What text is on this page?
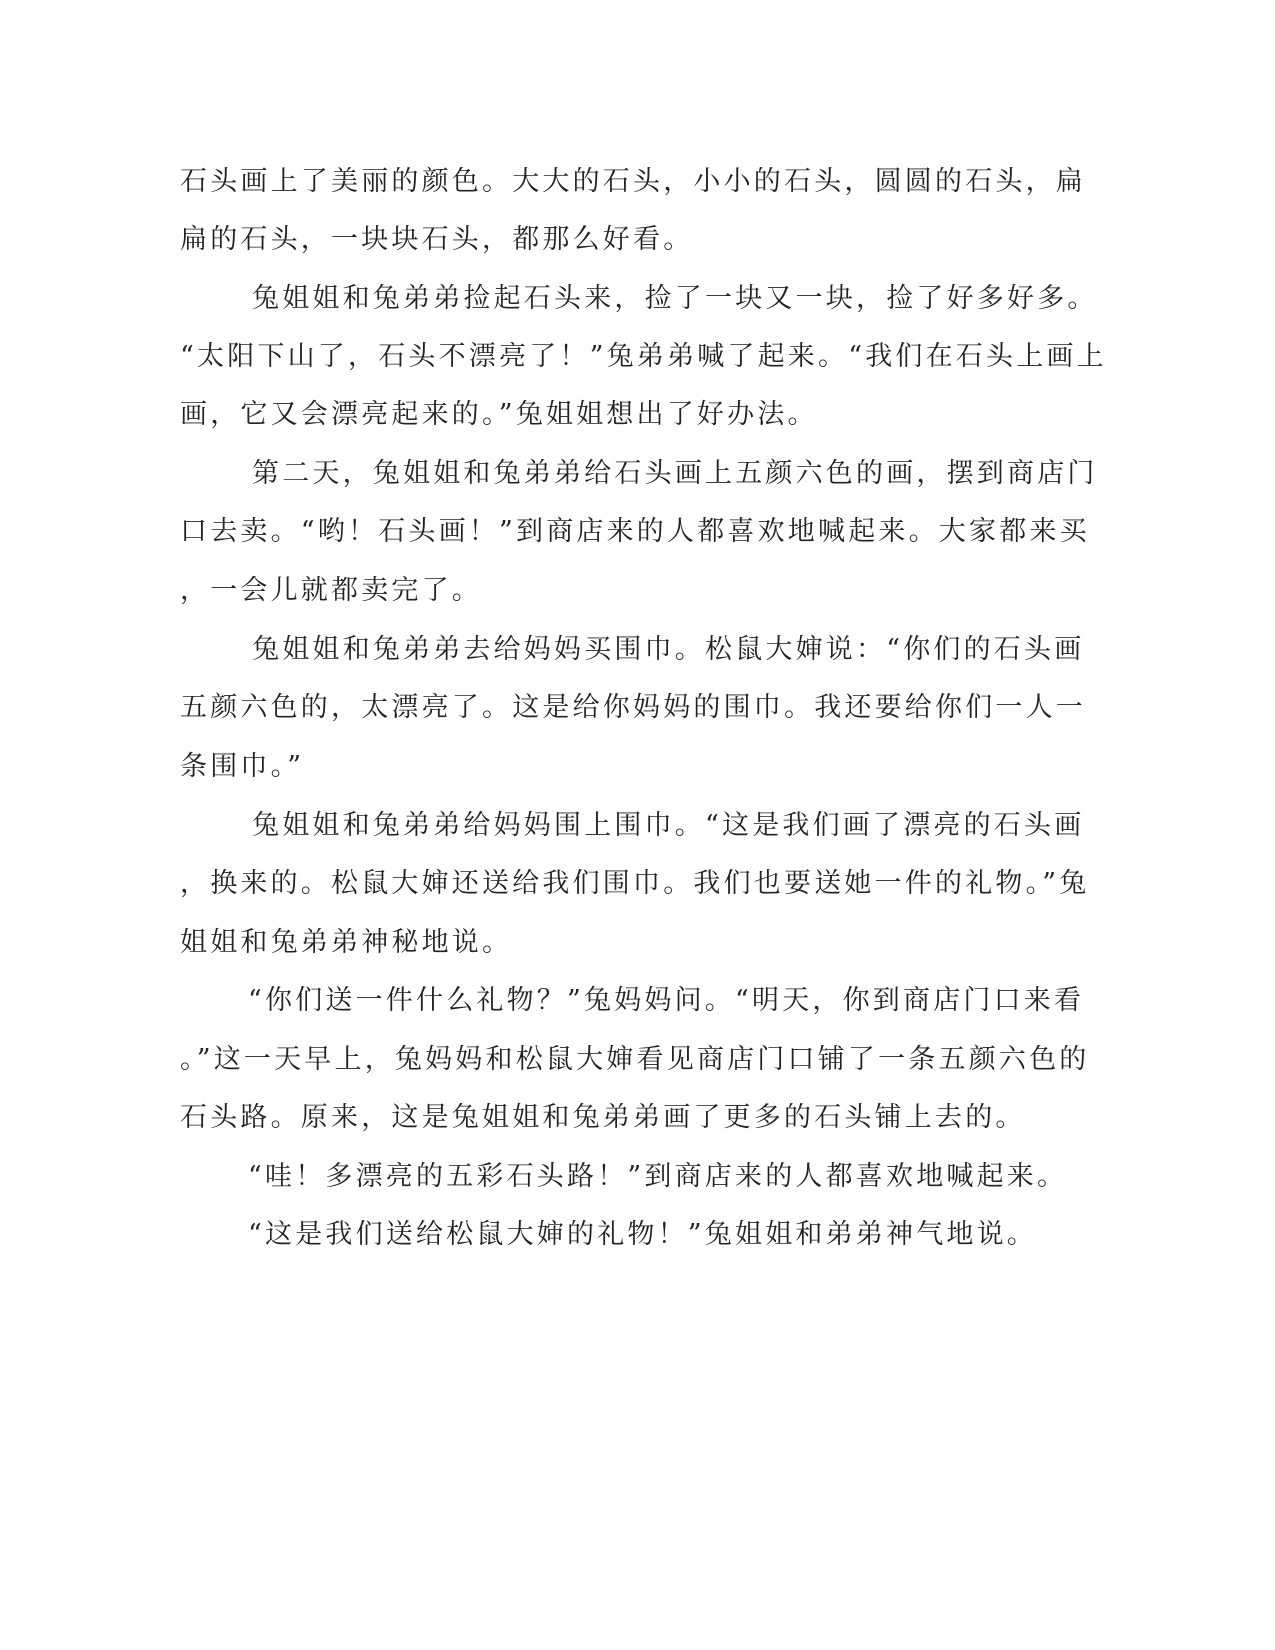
石头画上了美丽的颜色。大大的石头，小小的石头，圆圆的石头，扁
扁的石头，一块块石头，都那么好看。
兔姐姐和兔弟弟捡起石头来，捡了一块又一块，捡了好多好多。
“太阳下山了，石头不漂亮了！”兔弟弟喊了起来。“我们在石头上画上
画，它又会漂亮起来的。”兔姐姐想出了好办法。
第二天，兔姐姐和兔弟弟给石头画上五颜六色的画，摆到商店门
口去卖。“哟！石头画！”到商店来的人都喜欢地喊起来。大家都来买
，一会儿就都卖完了。
兔姐姐和兔弟弟去给妈妈买围巾。松鼠大婶说：“你们的石头画
五颜六色的，太漂亮了。这是给你妈妈的围巾。我还要给你们一人一
条围巾。”
兔姐姐和兔弟弟给妈妈围上围巾。“这是我们画了漂亮的石头画
，换来的。松鼠大婶还送给我们围巾。我们也要送她一件的礼物。”兔
姐姐和兔弟弟神秘地说。
“你们送一件什么礼物？”兔妈妈问。“明天，你到商店门口来看
。”这一天早上，兔妈妈和松鼠大婶看见商店门口铺了一条五颜六色的
石头路。原来，这是兔姐姐和兔弟弟画了更多的石头铺上去的。
“哇！多漂亮的五彩石头路！”到商店来的人都喜欢地喊起来。
“这是我们送给松鼠大婶的礼物！”兔姐姐和弟弟神气地说。
